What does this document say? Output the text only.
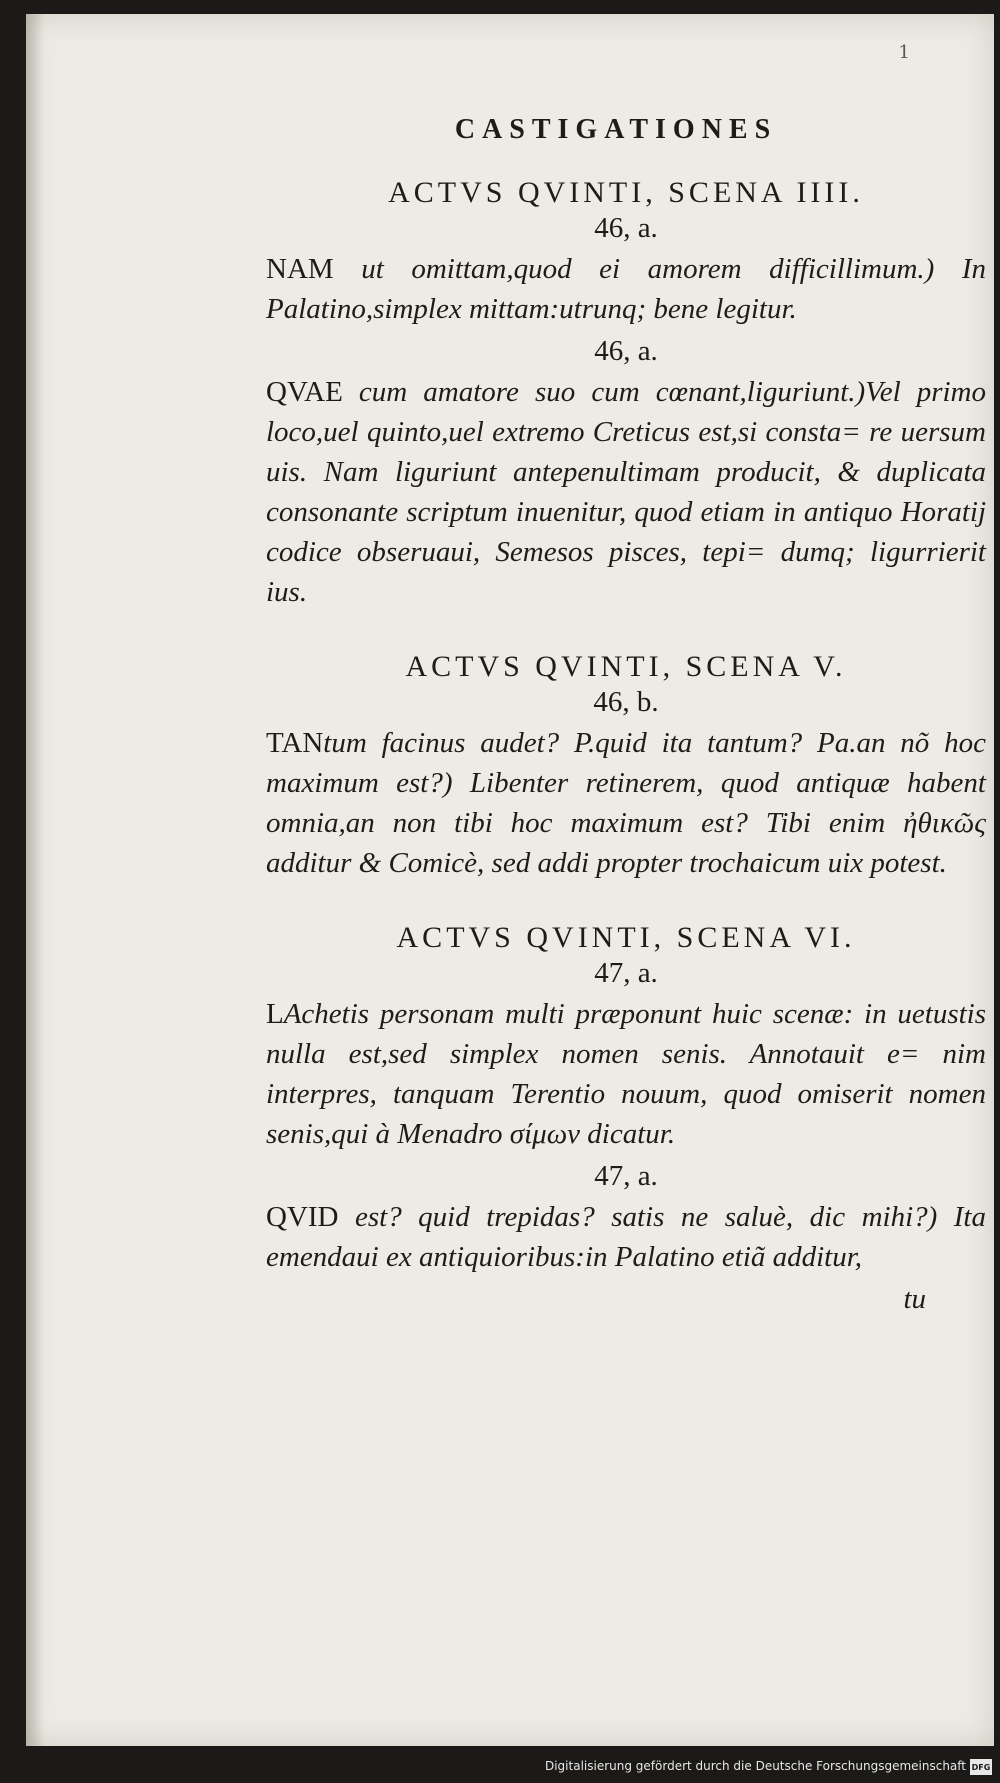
1
CASTIGATIONES
ACTVS QVINTI, SCENA IIII.
46, a.

NAM ut omittam,quod ei amorem difficillimum.) In Palatino,simplex mittam:utrunq; bene legitur.

46, a.

QVAE cum amatore suo cum cœnant,liguriunt.)Vel primo loco,uel quinto,uel extremo Creticus est,si consta= re uersum uis. Nam liguriunt antepenultimam producit, & duplicata consonante scriptum inuenitur, quod etiam in antiquo Horatij codice obseruaui, Semesos pisces, tepi= dumq; ligurrierit ius.

ACTVS QVINTI, SCENA V.
46, b.

TANtum facinus audet? P.quid ita tantum? Pa.an nõ hoc maximum est?) Libenter retinerem, quod antiquæ habent omnia,an non tibi hoc maximum est? Tibi enim ἠθικῶς additur & Comicè, sed addi propter trochaicum uix potest.

ACTVS QVINTI, SCENA VI.
47, a.

LAchetis personam multi præponunt huic scenæ: in uetustis nulla est,sed simplex nomen senis. Annotauit e= nim interpres, tanquam Terentio nouum, quod omiserit nomen senis,qui à Menadro σίμων dicatur.

47, a.

QVID est? quid trepidas? satis ne saluè, dic mihi?) Ita emendaui ex antiquioribus:in Palatino etiã additur,

tu
Digitalisierung gefördert durch die Deutsche Forschungsgemeinschaft DFG
